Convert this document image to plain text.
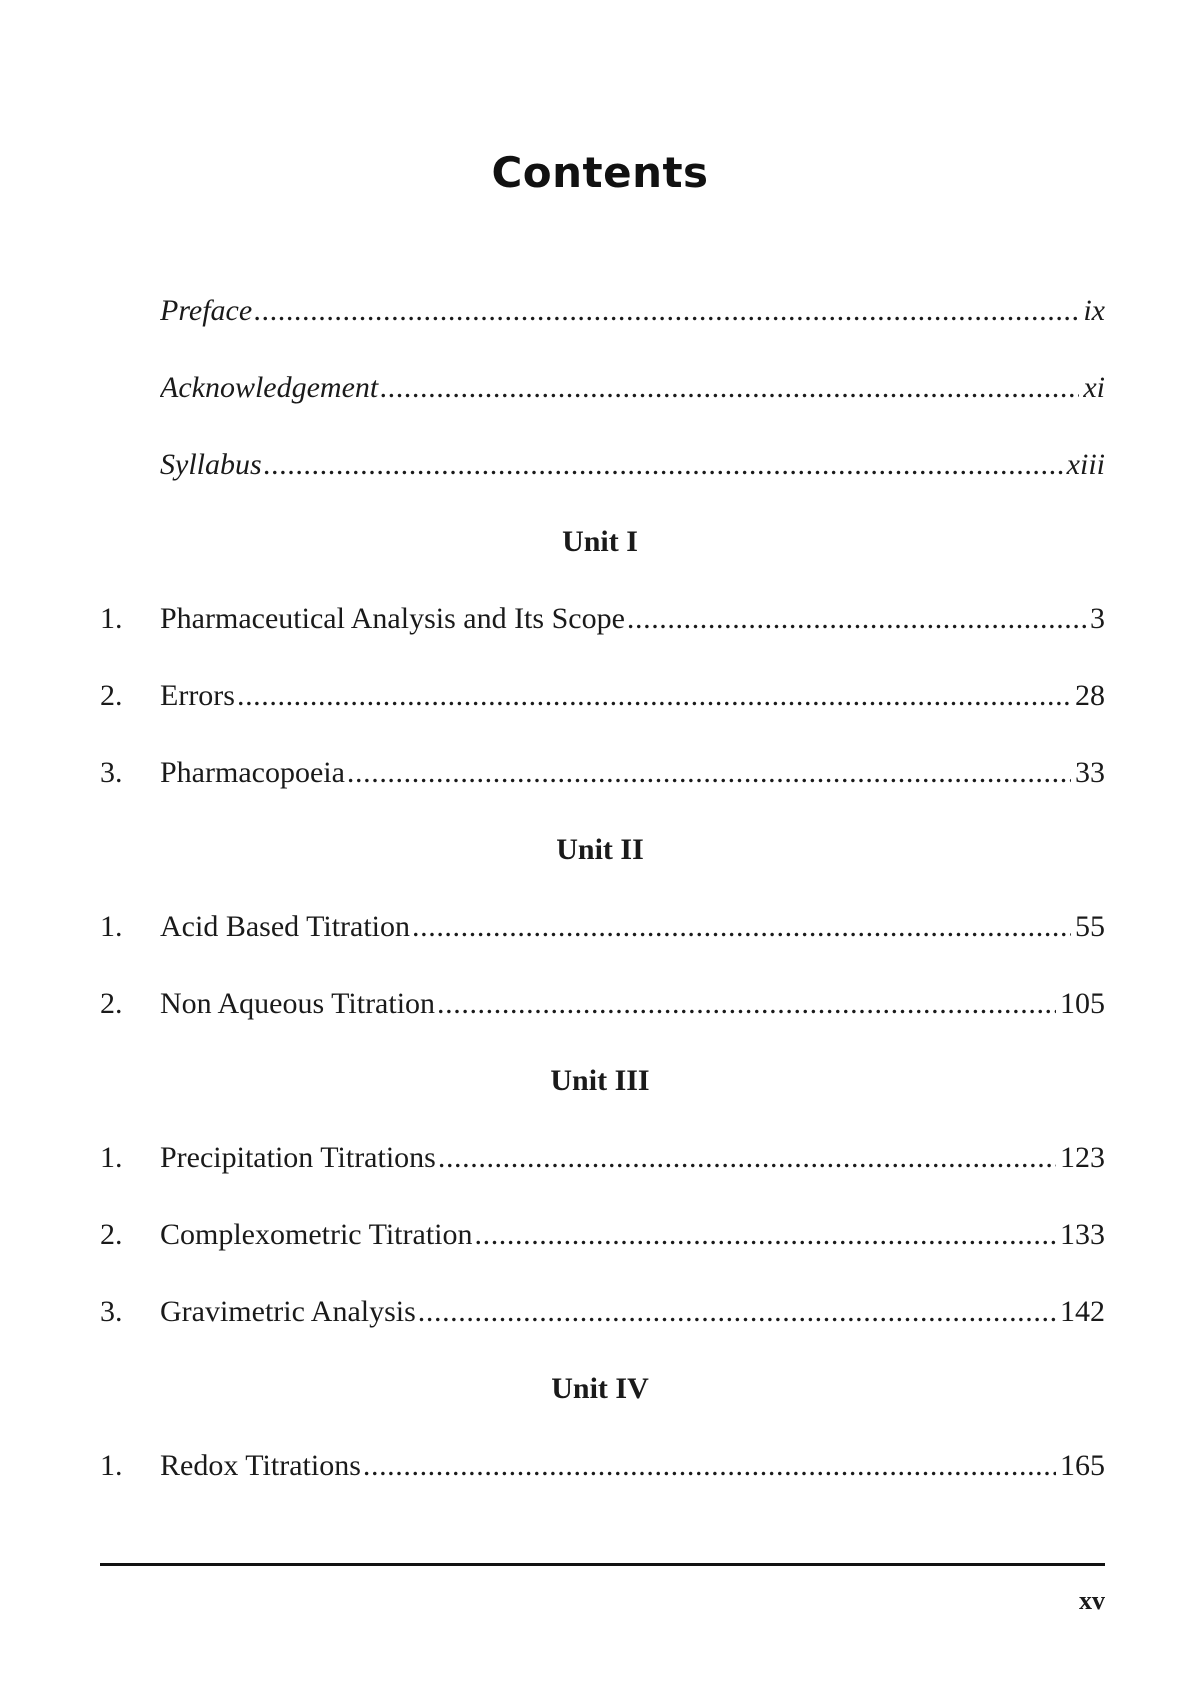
Contents
Preface .....	ix
Acknowledgement .....	xi
Syllabus .....	xiii
Unit I
1.	Pharmaceutical Analysis and Its Scope .....	3
2.	Errors .....	28
3.	Pharmacopoeia .....	33
Unit II
1.	Acid Based Titration .....	55
2.	Non Aqueous Titration .....	105
Unit III
1.	Precipitation Titrations .....	123
2.	Complexometric Titration .....	133
3.	Gravimetric Analysis .....	142
Unit IV
1.	Redox Titrations .....	165
xv
